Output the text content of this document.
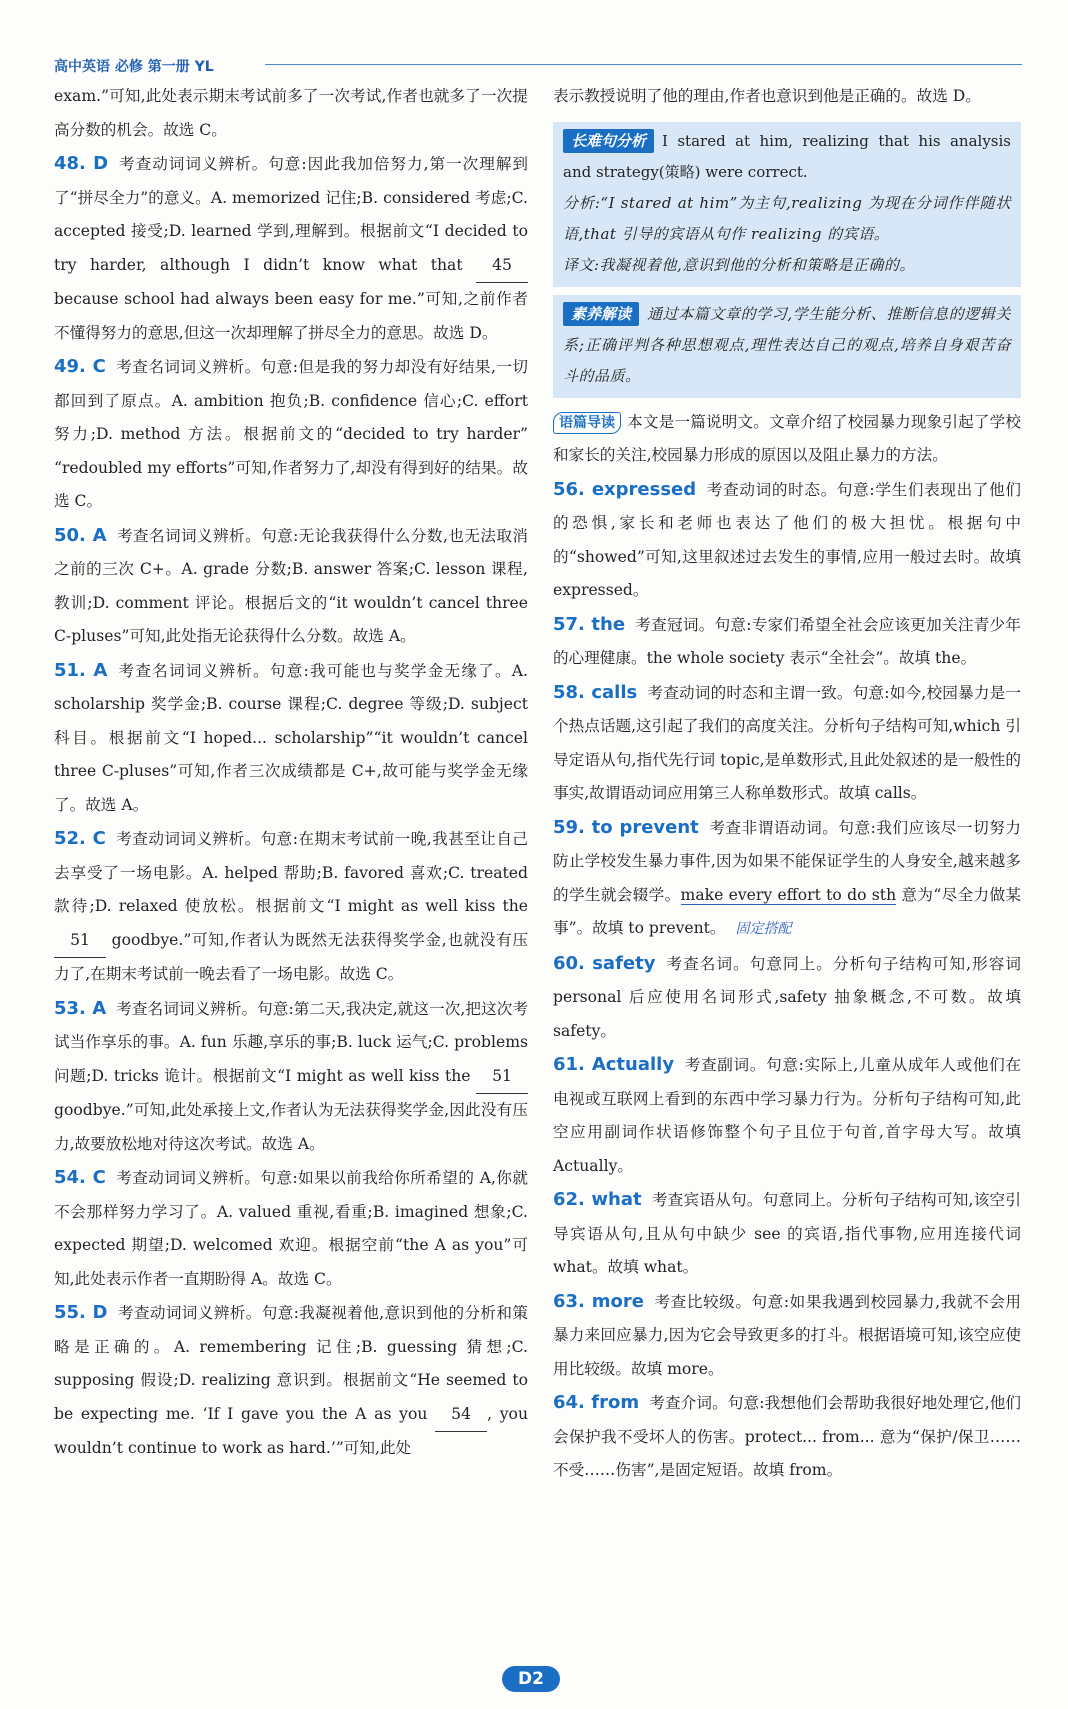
高中英语 必修 第一册 YL

exam.”可知,此处表示期末考试前多了一次考试,作者也就多了一次提高分数的机会。故选 C。

48. D 考查动词词义辨析。句意:因此我加倍努力,第一次理解到了“拼尽全力”的意义。A. memorized 记住;B. considered 考虑;C. accepted 接受;D. learned 学到,理解到。根据前文“I decided to try harder, although I didn’t know what that 45 because school had always been easy for me.”可知,之前作者不懂得努力的意思,但这一次却理解了拼尽全力的意思。故选 D。

49. C 考查名词词义辨析。句意:但是我的努力却没有好结果,一切都回到了原点。A. ambition 抱负;B. confidence 信心;C. effort 努力;D. method 方法。根据前文的“decided to try harder” “redoubled my efforts”可知,作者努力了,却没有得到好的结果。故选 C。

50. A 考查名词词义辨析。句意:无论我获得什么分数,也无法取消之前的三次 C+。A. grade 分数;B. answer 答案;C. lesson 课程,教训;D. comment 评论。根据后文的“it wouldn’t cancel three C-pluses”可知,此处指无论获得什么分数。故选 A。

51. A 考查名词词义辨析。句意:我可能也与奖学金无缘了。A. scholarship 奖学金;B. course 课程;C. degree 等级;D. subject 科目。根据前文“I hoped... scholarship”“it wouldn’t cancel three C-pluses”可知,作者三次成绩都是 C+,故可能与奖学金无缘了。故选 A。

52. C 考查动词词义辨析。句意:在期末考试前一晚,我甚至让自己去享受了一场电影。A. helped 帮助;B. favored 喜欢;C. treated 款待;D. relaxed 使放松。根据前文“I might as well kiss the 51 goodbye.”可知,作者认为既然无法获得奖学金,也就没有压力了,在期末考试前一晚去看了一场电影。故选 C。

53. A 考查名词词义辨析。句意:第二天,我决定,就这一次,把这次考试当作享乐的事。A. fun 乐趣,享乐的事;B. luck 运气;C. problems 问题;D. tricks 诡计。根据前文“I might as well kiss the 51 goodbye.”可知,此处承接上文,作者认为无法获得奖学金,因此没有压力,故要放松地对待这次考试。故选 A。

54. C 考查动词词义辨析。句意:如果以前我给你所希望的 A,你就不会那样努力学习了。A. valued 重视,看重;B. imagined 想象;C. expected 期望;D. welcomed 欢迎。根据空前“the A as you”可知,此处表示作者一直期盼得 A。故选 C。

55. D 考查动词词义辨析。句意:我凝视着他,意识到他的分析和策略是正确的。A. remembering 记住;B. guessing 猜想;C. supposing 假设;D. realizing 意识到。根据前文“He seemed to be expecting me. ‘If I gave you the A as you 54 , you wouldn’t continue to work as hard.’”可知,此处

表示教授说明了他的理由,作者也意识到他是正确的。故选 D。

长难句分析 I stared at him, realizing that his analysis and strategy(策略) were correct.
分析:“I stared at him”为主句,realizing 为现在分词作伴随状语,that 引导的宾语从句作 realizing 的宾语。
译文:我凝视着他,意识到他的分析和策略是正确的。
素养解读 通过本篇文章的学习,学生能分析、推断信息的逻辑关系;正确评判各种思想观点,理性表达自己的观点,培养自身艰苦奋斗的品质。

语篇导读 本文是一篇说明文。文章介绍了校园暴力现象引起了学校和家长的关注,校园暴力形成的原因以及阻止暴力的方法。

56. expressed 考查动词的时态。句意:学生们表现出了他们的恐惧,家长和老师也表达了他们的极大担忧。根据句中的“showed”可知,这里叙述过去发生的事情,应用一般过去时。故填 expressed。

57. the 考查冠词。句意:专家们希望全社会应该更加关注青少年的心理健康。the whole society 表示“全社会”。故填 the。

58. calls 考查动词的时态和主谓一致。句意:如今,校园暴力是一个热点话题,这引起了我们的高度关注。分析句子结构可知,which 引导定语从句,指代先行词 topic,是单数形式,且此处叙述的是一般性的事实,故谓语动词应用第三人称单数形式。故填 calls。

59. to prevent 考查非谓语动词。句意:我们应该尽一切努力防止学校发生暴力事件,因为如果不能保证学生的人身安全,越来越多的学生就会辍学。make every effort to do sth 意为“尽全力做某事”。故填 to prevent。 固定搭配

60. safety 考查名词。句意同上。分析句子结构可知,形容词 personal 后应使用名词形式,safety 抽象概念,不可数。故填 safety。

61. Actually 考查副词。句意:实际上,儿童从成年人或他们在电视或互联网上看到的东西中学习暴力行为。分析句子结构可知,此空应用副词作状语修饰整个句子且位于句首,首字母大写。故填 Actually。

62. what 考查宾语从句。句意同上。分析句子结构可知,该空引导宾语从句,且从句中缺少 see 的宾语,指代事物,应用连接代词 what。故填 what。

63. more 考查比较级。句意:如果我遇到校园暴力,我就不会用暴力来回应暴力,因为它会导致更多的打斗。根据语境可知,该空应使用比较级。故填 more。

64. from 考查介词。句意:我想他们会帮助我很好地处理它,他们会保护我不受坏人的伤害。protect... from... 意为“保护/保卫……不受……伤害”,是固定短语。故填 from。

D2
